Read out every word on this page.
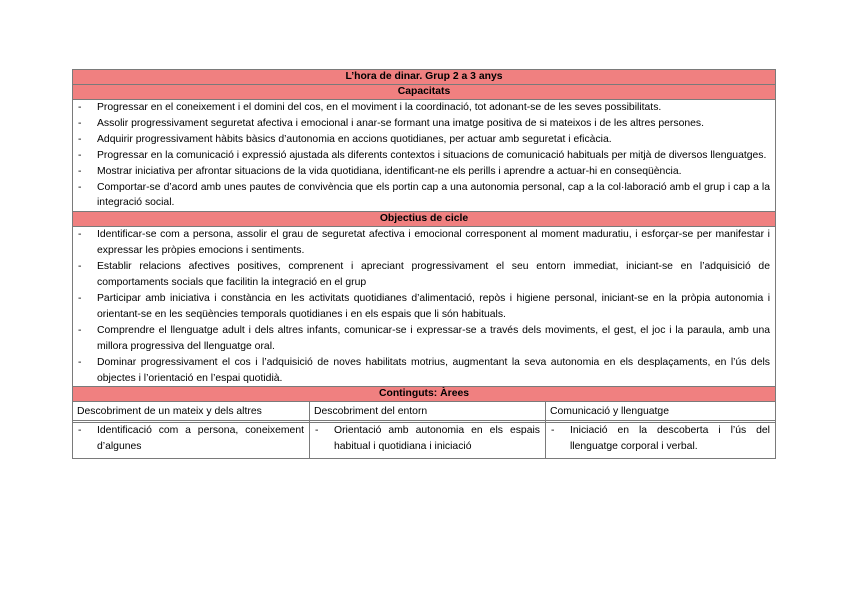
L’hora de dinar. Grup 2 a 3 anys
Capacitats
- Progressar en el coneixement i el domini del cos, en el moviment i la coordinació, tot adonant-se de les seves possibilitats.
- Assolir progressivament seguretat afectiva i emocional i anar-se formant una imatge positiva de si mateixos i de les altres persones.
- Adquirir progressivament hàbits bàsics d’autonomia en accions quotidianes, per actuar amb seguretat i eficàcia.
- Progressar en la comunicació i expressió ajustada als diferents contextos i situacions de comunicació habituals per mitjà de diversos llenguatges.
- Mostrar iniciativa per afrontar situacions de la vida quotidiana, identificant-ne els perills i aprendre a actuar-hi en conseqüència.
- Comportar-se d’acord amb unes pautes de convivència que els portin cap a una autonomia personal, cap a la col·laboració amb el grup i cap a la integració social.
Objectius de cicle
- Identificar-se com a persona, assolir el grau de seguretat afectiva i emocional corresponent al moment maduratiu, i esforçar-se per manifestar i expressar les pròpies emocions i sentiments.
- Establir relacions afectives positives, comprenent i apreciant progressivament el seu entorn immediat, iniciant-se en l’adquisició de comportaments socials que facilitin la integració en el grup
- Participar amb iniciativa i constància en les activitats quotidianes d’alimentació, repòs i higiene personal, iniciant-se en la pròpia autonomia i orientant-se en les seqüències temporals quotidianes i en els espais que li són habituals.
- Comprendre el llenguatge adult i dels altres infants, comunicar-se i expressar-se a través dels moviments, el gest, el joc i la paraula, amb una millora progressiva del llenguatge oral.
- Dominar progressivament el cos i l’adquisició de noves habilitats motrius, augmentant la seva autonomia en els desplaçaments, en l’ús dels objectes i l’orientació en l’espai quotidià.
Continguts: Àrees
Descobriment de un mateix y dels altres
- Identificació com a persona, coneixement d’algunes
Descobriment del entorn
- Orientació amb autonomia en els espais habitual i quotidiana i iniciació
Comunicació y llenguatge
- Iniciació en la descoberta i l’ús del llenguatge corporal i verbal.
